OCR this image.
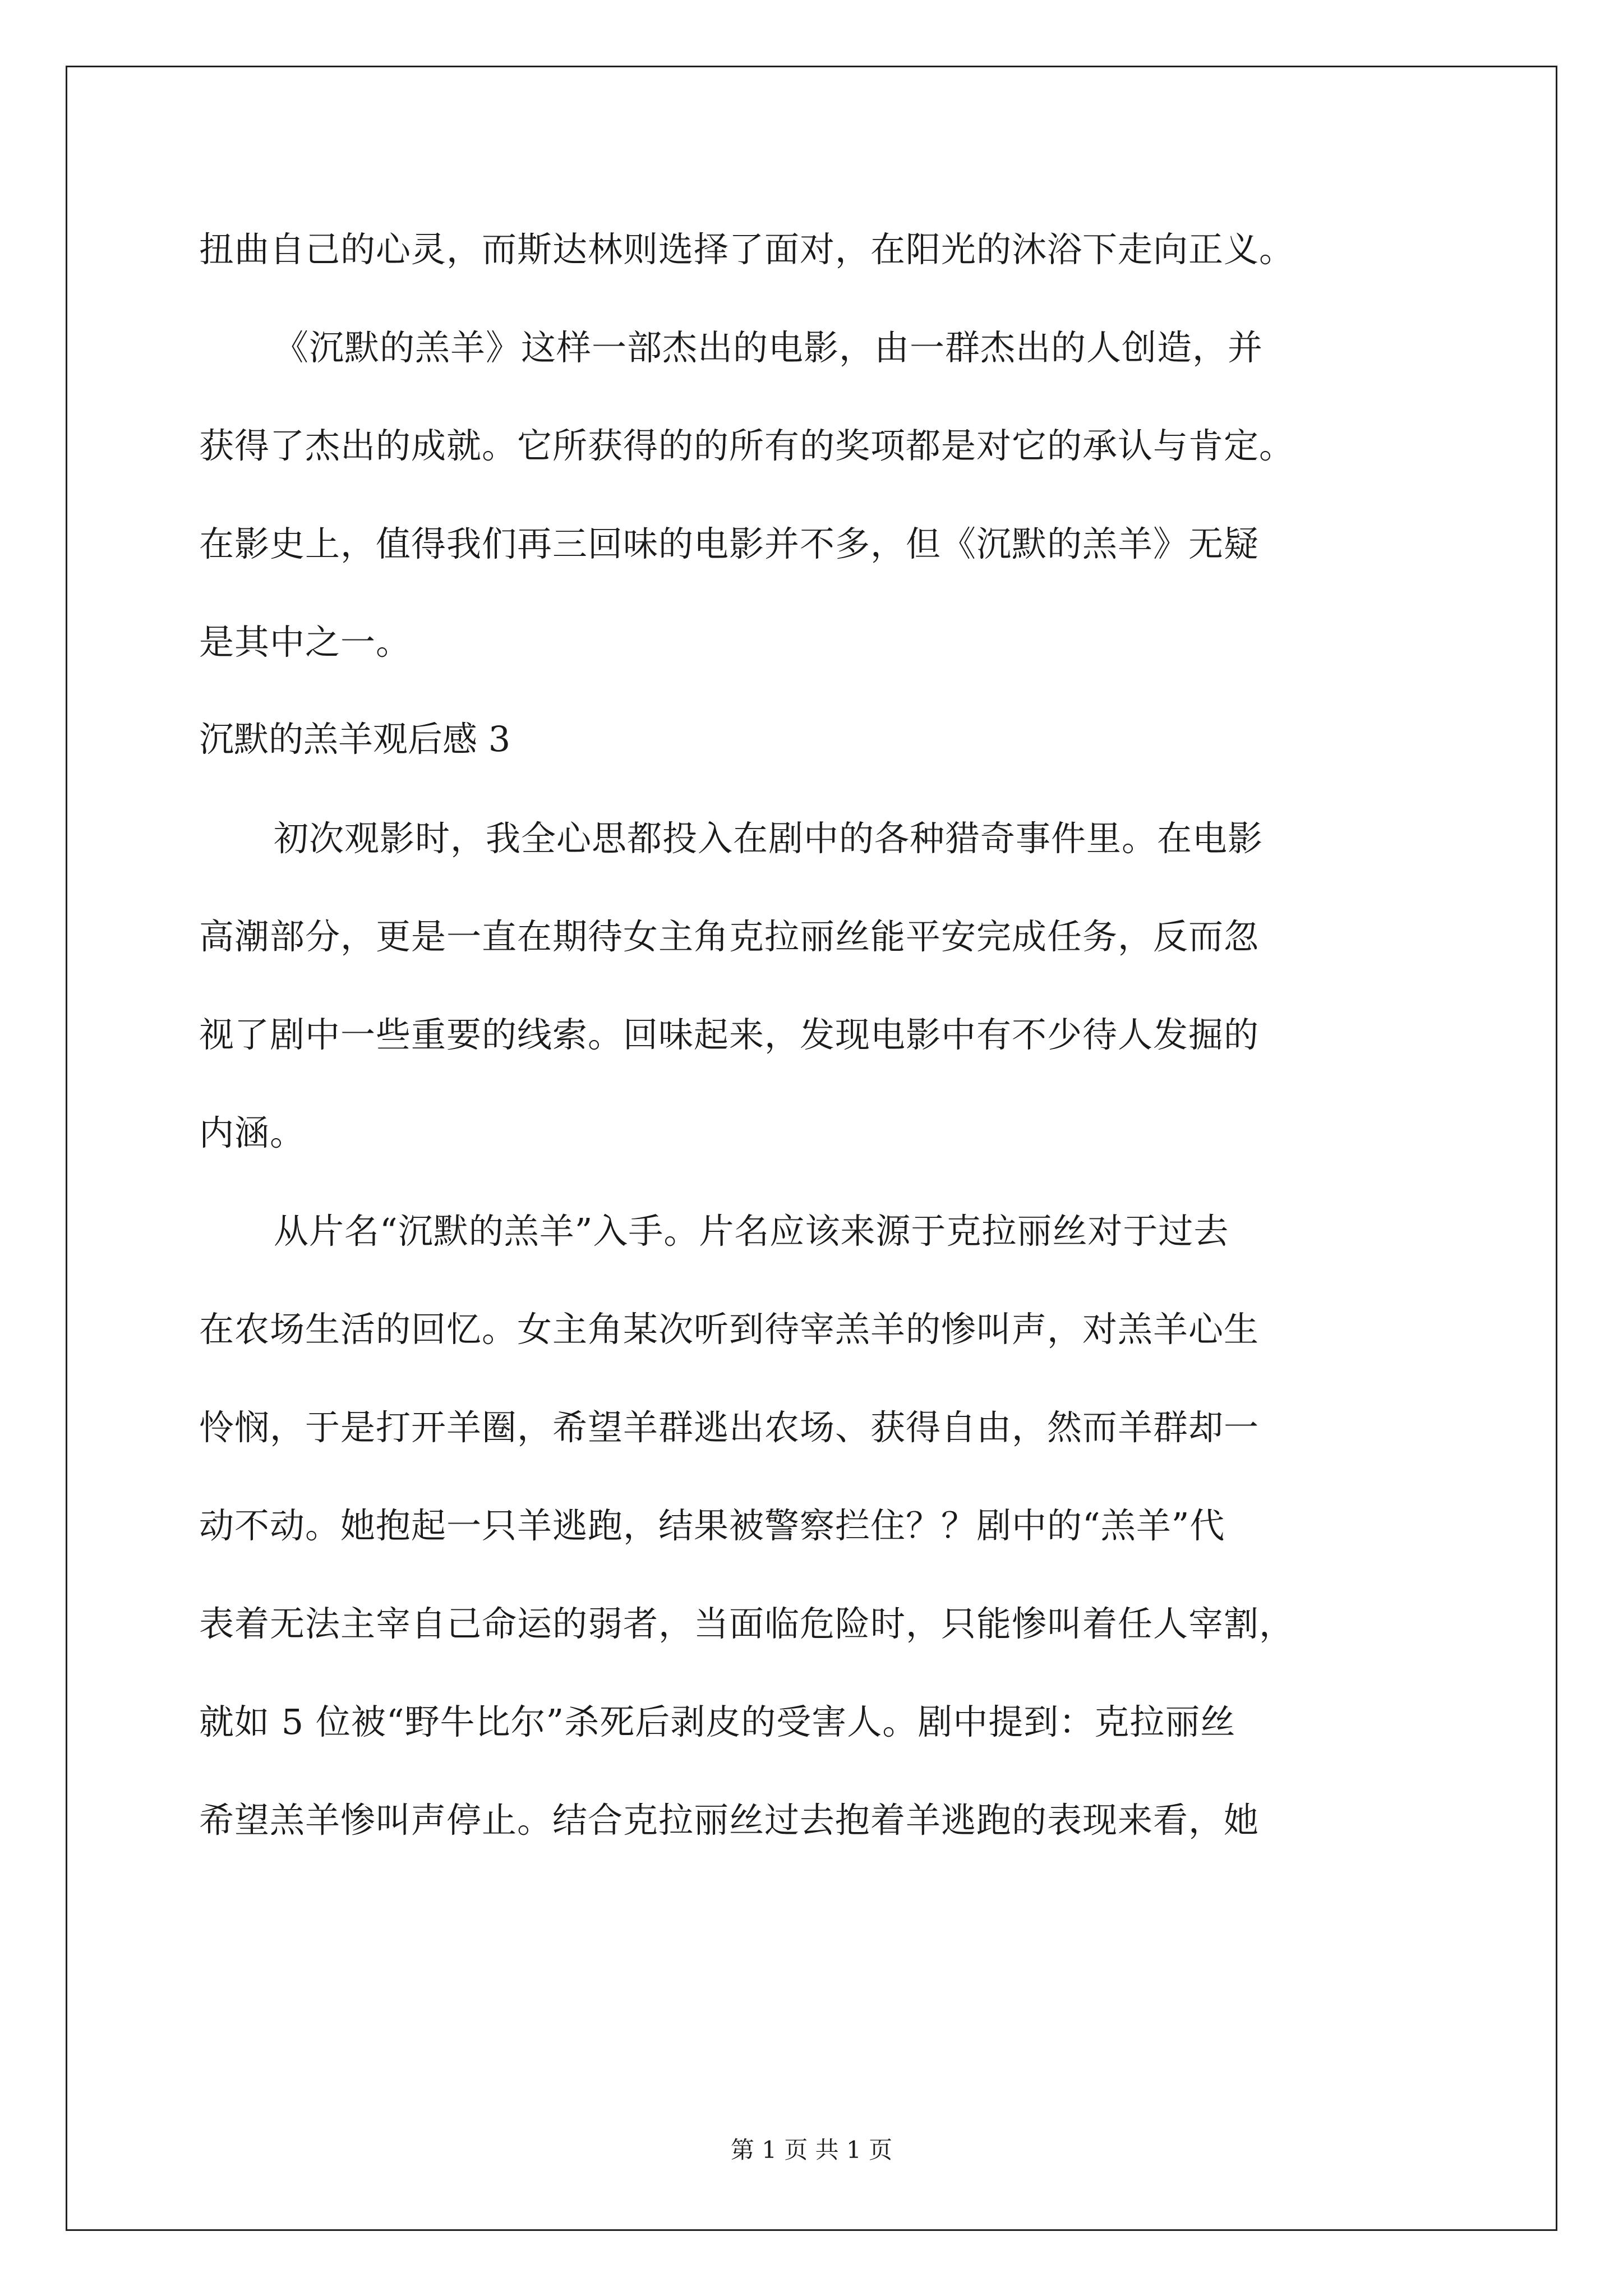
扭曲自己的心灵，而斯达林则选择了面对，在阳光的沐浴下走向正义。
《沉默的羔羊》这样一部杰出的电影，由一群杰出的人创造，并
获得了杰出的成就。它所获得的的所有的奖项都是对它的承认与肯定。
在影史上，值得我们再三回味的电影并不多，但《沉默的羔羊》无疑
是其中之一。
沉默的羔羊观后感 3
初次观影时，我全心思都投入在剧中的各种猎奇事件里。在电影
高潮部分，更是一直在期待女主角克拉丽丝能平安完成任务，反而忽
视了剧中一些重要的线索。回味起来，发现电影中有不少待人发掘的
内涵。
从片名“沉默的羔羊”入手。片名应该来源于克拉丽丝对于过去
在农场生活的回忆。女主角某次听到待宰羔羊的惨叫声，对羔羊心生
怜悯，于是打开羊圈，希望羊群逃出农场、获得自由，然而羊群却一
动不动。她抱起一只羊逃跑，结果被警察拦住？？剧中的“羔羊”代
表着无法主宰自己命运的弱者，当面临危险时，只能惨叫着任人宰割，
就如 5 位被“野牛比尔”杀死后剥皮的受害人。剧中提到：克拉丽丝
希望羔羊惨叫声停止。结合克拉丽丝过去抱着羊逃跑的表现来看，她
第 1 页 共 1 页
